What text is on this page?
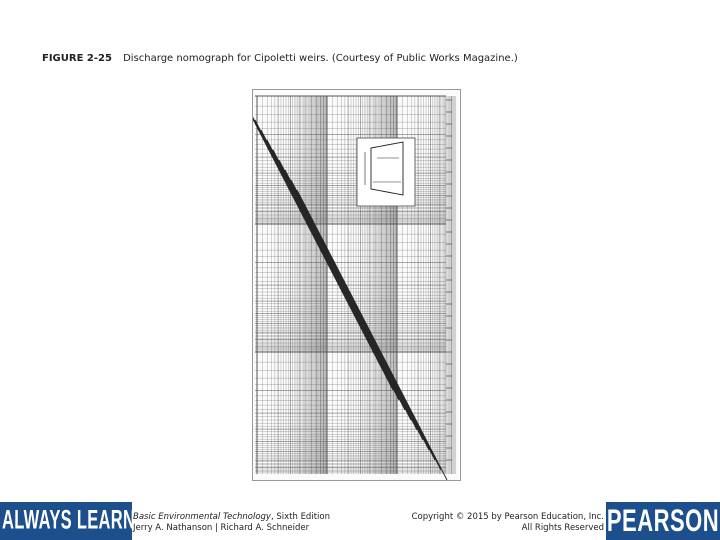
FIGURE 2-25 Discharge nomograph for Cipoletti weirs. (Courtesy of Public Works Magazine.)
ALWAYS LEARNING
Basic Environmental Technology, Sixth Edition
Jerry A. Nathanson | Richard A. Schneider
Copyright © 2015 by Pearson Education, Inc.
All Rights Reserved PEARSON
